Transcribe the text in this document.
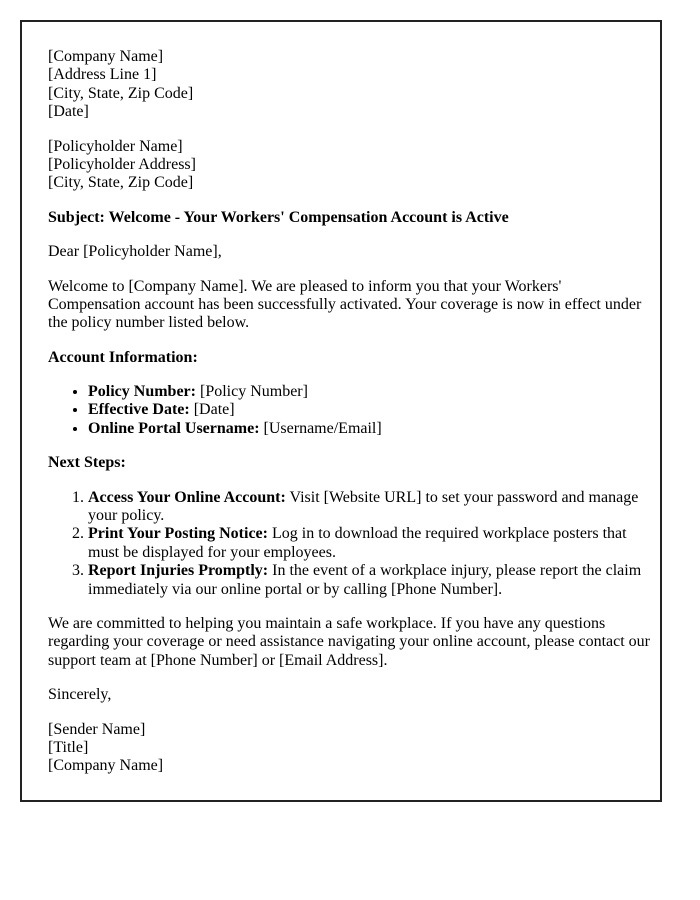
[Company Name]
[Address Line 1]
[City, State, Zip Code]
[Date]

[Policyholder Name]
[Policyholder Address]
[City, State, Zip Code]

Subject: Welcome - Your Workers' Compensation Account is Active

Dear [Policyholder Name],

Welcome to [Company Name]. We are pleased to inform you that your Workers' Compensation account has been successfully activated. Your coverage is now in effect under the policy number listed below.

Account Information:

• Policy Number: [Policy Number]
• Effective Date: [Date]
• Online Portal Username: [Username/Email]

Next Steps:

1. Access Your Online Account: Visit [Website URL] to set your password and manage your policy.
2. Print Your Posting Notice: Log in to download the required workplace posters that must be displayed for your employees.
3. Report Injuries Promptly: In the event of a workplace injury, please report the claim immediately via our online portal or by calling [Phone Number].

We are committed to helping you maintain a safe workplace. If you have any questions regarding your coverage or need assistance navigating your online account, please contact our support team at [Phone Number] or [Email Address].

Sincerely,

[Sender Name]
[Title]
[Company Name]
